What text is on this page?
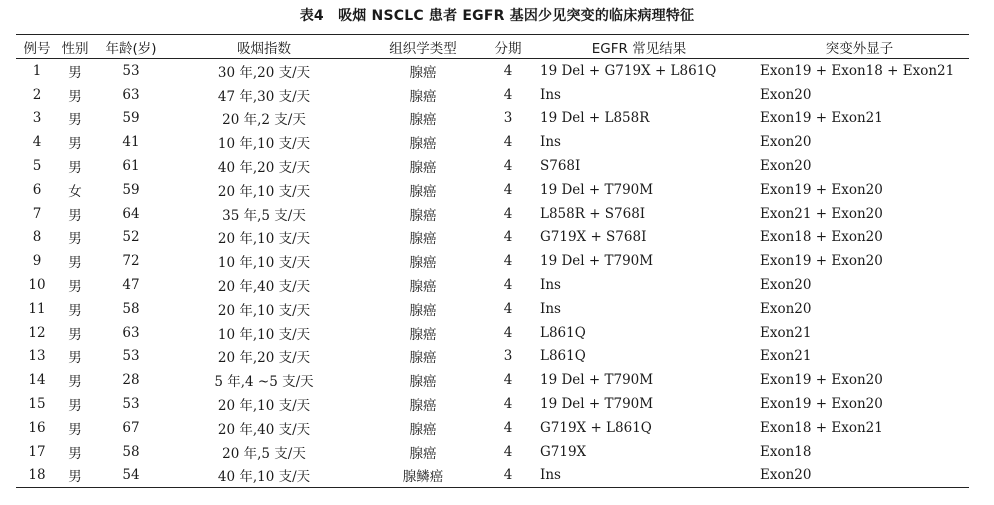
表4　吸烟 NSCLC 患者 EGFR 基因少见突变的临床病理特征
例号	性别	年龄(岁)	吸烟指数	组织学类型	分期	EGFR 常见结果	突变外显子
1	男	53	30 年,20 支/天	腺癌	4	19 Del + G719X + L861Q	Exon19 + Exon18 + Exon21
2	男	63	47 年,30 支/天	腺癌	4	Ins	Exon20
3	男	59	20 年,2 支/天	腺癌	3	19 Del + L858R	Exon19 + Exon21
4	男	41	10 年,10 支/天	腺癌	4	Ins	Exon20
5	男	61	40 年,20 支/天	腺癌	4	S768I	Exon20
6	女	59	20 年,10 支/天	腺癌	4	19 Del + T790M	Exon19 + Exon20
7	男	64	35 年,5 支/天	腺癌	4	L858R + S768I	Exon21 + Exon20
8	男	52	20 年,10 支/天	腺癌	4	G719X + S768I	Exon18 + Exon20
9	男	72	10 年,10 支/天	腺癌	4	19 Del + T790M	Exon19 + Exon20
10	男	47	20 年,40 支/天	腺癌	4	Ins	Exon20
11	男	58	20 年,10 支/天	腺癌	4	Ins	Exon20
12	男	63	10 年,10 支/天	腺癌	4	L861Q	Exon21
13	男	53	20 年,20 支/天	腺癌	3	L861Q	Exon21
14	男	28	5 年,4 ~5 支/天	腺癌	4	19 Del + T790M	Exon19 + Exon20
15	男	53	20 年,10 支/天	腺癌	4	19 Del + T790M	Exon19 + Exon20
16	男	67	20 年,40 支/天	腺癌	4	G719X + L861Q	Exon18 + Exon21
17	男	58	20 年,5 支/天	腺癌	4	G719X	Exon18
18	男	54	40 年,10 支/天	腺鳞癌	4	Ins	Exon20
